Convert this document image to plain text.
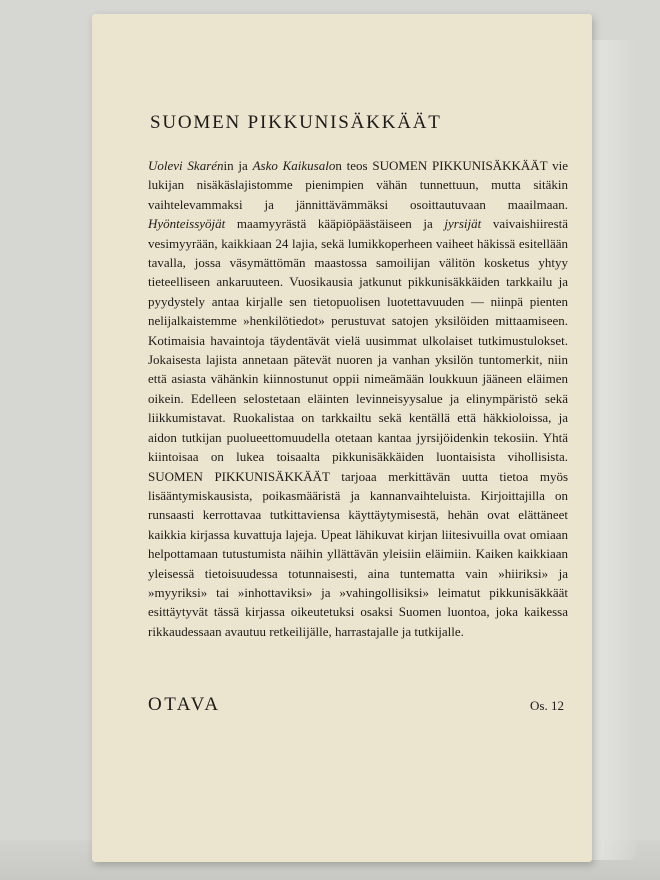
SUOMEN PIKKUNISÄKKÄÄT

Uolevi Skarénin ja Asko Kaikusalon teos SUOMEN PIKKUNISÄKKÄÄT vie lukijan nisäkäslajistomme pienimpien vähän tunnettuun, mutta sitäkin vaihtelevammaksi ja jännittävämmäksi osoittautuvaan maailmaan. Hyönteissyöjät maamyyrästä kääpiöpäästäiseen ja jyrsijät vaivaishiirestä vesimyyrään, kaikkiaan 24 lajia, sekä lumikkoperheen vaiheet häkissä esitellään tavalla, jossa väsymättömän maastossa samoilijan välitön kosketus yhtyy tieteelliseen ankaruuteen. Vuosikausia jatkunut pikkunisäkkäiden tarkkailu ja pyydystely antaa kirjalle sen tietopuolisen luotettavuuden — niinpä pienten nelijalkaistemme »henkilötiedot» perustuvat satojen yksilöiden mittaamiseen. Kotimaisia havaintoja täydentävät vielä uusimmat ulkolaiset tutkimustulokset. Jokaisesta lajista annetaan pätevät nuoren ja vanhan yksilön tuntomerkit, niin että asiasta vähänkin kiinnostunut oppii nimeämään loukkuun jääneen eläimen oikein. Edelleen selostetaan eläinten levinneisyysalue ja elinympäristö sekä liikkumistavat. Ruokalistaa on tarkkailtu sekä kentällä että häkkioloissa, ja aidon tutkijan puolueettomuudella otetaan kantaa jyrsijöidenkin tekosiin. Yhtä kiintoisaa on lukea toisaalta pikkunisäkkäiden luontaisista vihollisista. SUOMEN PIKKUNISÄKKÄÄT tarjoaa merkittävän uutta tietoa myös lisääntymiskausista, poikasmääristä ja kannanvaihteluista. Kirjoittajilla on runsaasti kerrottavaa tutkittaviensa käyttäytymisestä, hehän ovat elättäneet kaikkia kirjassa kuvattuja lajeja. Upeat lähikuvat kirjan liitesivuilla ovat omiaan helpottamaan tutustumista näihin yllättävän yleisiin eläimiin. Kaiken kaikkiaan yleisessä tietoisuudessa totunnaisesti, aina tuntematta vain »hiiriksi» ja »myyriksi» tai »inhottaviksi» ja »vahingollisiksi» leimatut pikkunisäkkäät esittäytyvät tässä kirjassa oikeutetuksi osaksi Suomen luontoa, joka kaikessa rikkaudessaan avautuu retkeilijälle, harrastajalle ja tutkijalle.

OTAVA	Os. 12
